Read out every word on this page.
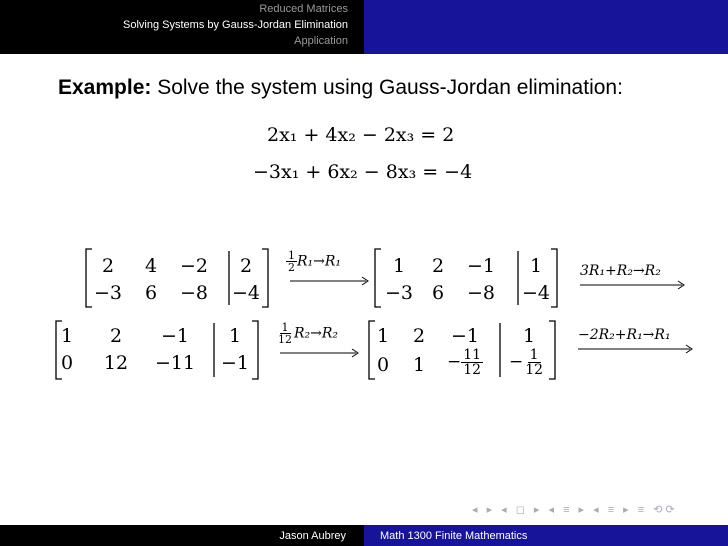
Reduced Matrices
Solving Systems by Gauss-Jordan Elimination
Application
Example: Solve the system using Gauss-Jordan elimination:
2x₁ + 4x₂ − 2x₃ = 2
−3x₁ + 6x₂ − 8x₃ = −4
2 4 −2 2
−3 6 −8 −4
$\frac{1}{2} R_1\to R_1$	1 2 −1 1
−3 6 −8 −4
3R₁+R₂→R₂
1 2 −1 1
0 12 −11 −1
$\frac{1}{12} R_2\to R_2$ 1 2 −1 1
0 $1 - \frac{11}{12} - \frac{1}{12}$
−2R₂+R₁→R₁
◂ ▸ ◂ ◻ ▸ ◂ ≡ ▸ ◂ ≡ ▸ ≡ ⟲⟳
Jason Aubrey	Math 1300 Finite Mathematics
